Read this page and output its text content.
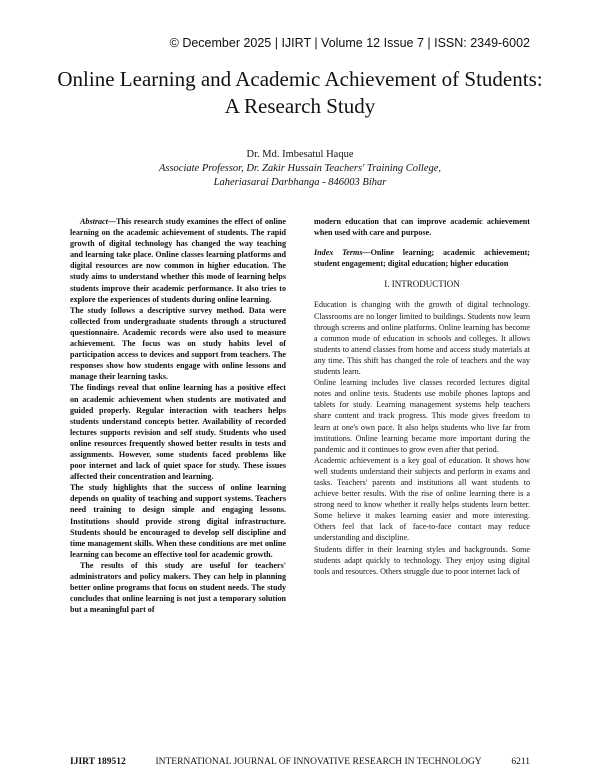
© December 2025 | IJIRT | Volume 12 Issue 7 | ISSN: 2349-6002
Online Learning and Academic Achievement of Students:
A Research Study
Dr. Md. Imbesatul Haque
Associate Professor, Dr. Zakir Hussain Teachers' Training College,
Laheriasarai Darbhanga - 846003 Bihar

Abstract—This research study examines the effect of online learning on the academic achievement of students. The rapid growth of digital technology has changed the way teaching and learning take place. Online classes learning platforms and digital resources are now common in higher education. The study aims to understand whether this mode of learning helps students improve their academic performance. It also tries to explore the experiences of students during online learning.

The study follows a descriptive survey method. Data were collected from undergraduate students through a structured questionnaire. Academic records were also used to measure achievement. The focus was on study habits level of participation access to devices and support from teachers. The responses show how students engage with online lessons and manage their learning tasks.

The findings reveal that online learning has a positive effect on academic achievement when students are motivated and guided properly. Regular interaction with teachers helps students understand concepts better. Availability of recorded lectures supports revision and self study. Students who used online resources frequently showed better results in tests and assignments. However, some students faced problems like poor internet and lack of quiet space for study. These issues affected their concentration and learning.

The study highlights that the success of online learning depends on quality of teaching and support systems. Teachers need training to design simple and engaging lessons. Institutions should provide strong digital infrastructure. Students should be encouraged to develop self discipline and time management skills. When these conditions are met online learning can become an effective tool for academic growth.

The results of this study are useful for teachers' administrators and policy makers. They can help in planning better online programs that focus on student needs. The study concludes that online learning is not just a temporary solution but a meaningful part of

modern education that can improve academic achievement when used with care and purpose.

Index Terms—Online learning; academic achievement; student engagement; digital education; higher education

I. INTRODUCTION

Education is changing with the growth of digital technology. Classrooms are no longer limited to buildings. Students now learn through screens and online platforms. Online learning has become a common mode of education in schools and colleges. It allows students to attend classes from home and access study materials at any time. This shift has changed the role of teachers and the way students learn.

Online learning includes live classes recorded lectures digital notes and online tests. Students use mobile phones laptops and tablets for study. Learning management systems help teachers share content and track progress. This mode gives freedom to learn at one's own pace. It also helps students who live far from institutions. Online learning became more important during the pandemic and it continues to grow even after that period.

Academic achievement is a key goal of education. It shows how well students understand their subjects and perform in exams and tasks. Teachers' parents and institutions all want students to achieve better results. With the rise of online learning there is a strong need to know whether it really helps students learn better. Some believe it makes learning easier and more interesting. Others feel that lack of face-to-face contact may reduce understanding and discipline.

Students differ in their learning styles and backgrounds. Some students adapt quickly to technology. They enjoy using digital tools and resources. Others struggle due to poor internet lack of

IJIRT 189512	INTERNATIONAL JOURNAL OF INNOVATIVE RESEARCH IN TECHNOLOGY	6211
